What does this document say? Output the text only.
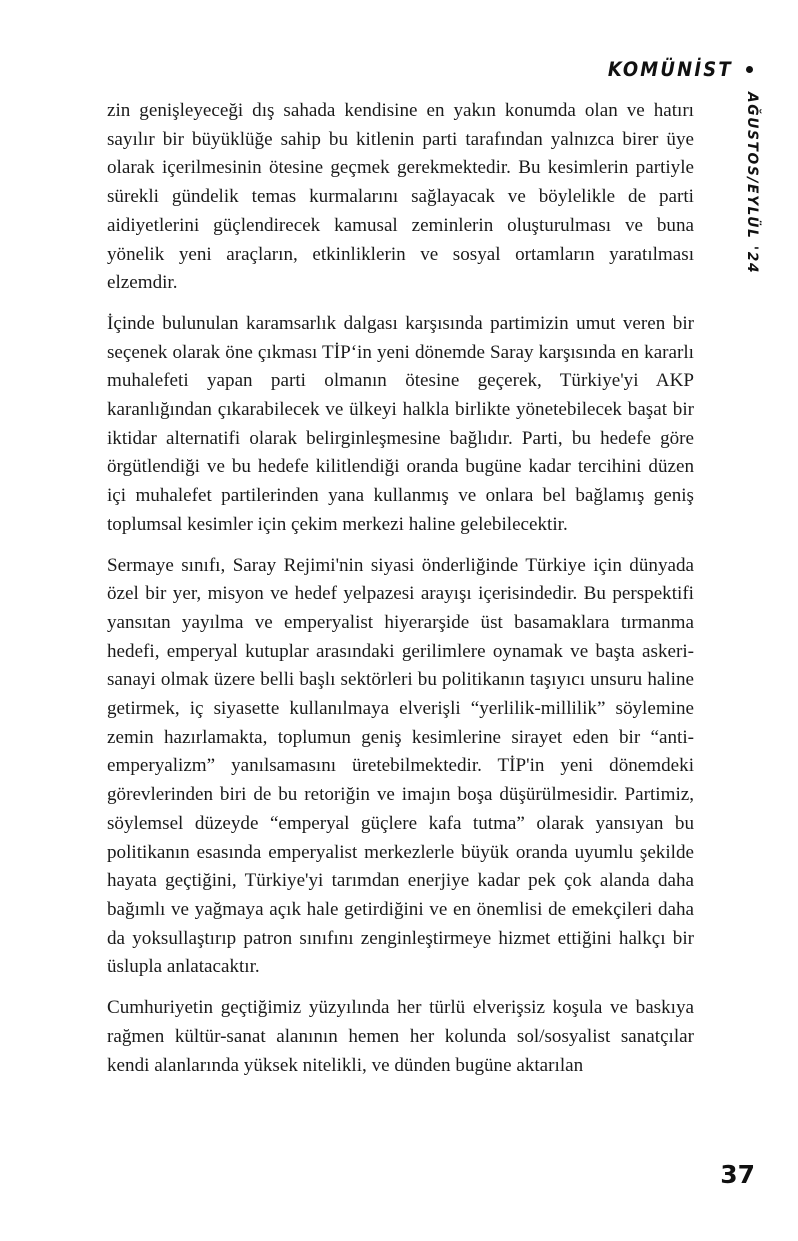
KOMÜNİST
AĞUSTOS/EYLÜL '24

zin genişleyeceği dış sahada kendisine en yakın konumda olan ve hatırı sayılır bir büyüklüğe sahip bu kitlenin parti tarafından yalnızca birer üye olarak içerilmesinin ötesine geçmek gerekmektedir. Bu kesimlerin partiyle sürekli gündelik temas kurmalarını sağlayacak ve böylelikle de parti aidiyetlerini güçlendirecek kamusal zeminlerin oluşturulması ve buna yönelik yeni araçların, etkinliklerin ve sosyal ortamların yaratılması elzemdir.

İçinde bulunulan karamsarlık dalgası karşısında partimizin umut veren bir seçenek olarak öne çıkması TİP‘in yeni dönemde Saray karşısında en kararlı muhalefeti yapan parti olmanın ötesine geçerek, Türkiye'yi AKP karanlığından çıkarabilecek ve ülkeyi halkla birlikte yönetebilecek başat bir iktidar alternatifi olarak belirginleşmesine bağlıdır. Parti, bu hedefe göre örgütlendiği ve bu hedefe kilitlendiği oranda bugüne kadar tercihini düzen içi muhalefet partilerinden yana kullanmış ve onlara bel bağlamış geniş toplumsal kesimler için çekim merkezi haline gelebilecektir.

Sermaye sınıfı, Saray Rejimi'nin siyasi önderliğinde Türkiye için dünyada özel bir yer, misyon ve hedef yelpazesi arayışı içerisindedir. Bu perspektifi yansıtan yayılma ve emperyalist hiyerarşide üst basamaklara tırmanma hedefi, emperyal kutuplar arasındaki gerilimlere oynamak ve başta askeri-sanayi olmak üzere belli başlı sektörleri bu politikanın taşıyıcı unsuru haline getirmek, iç siyasette kullanılmaya elverişli “yerlilik-millilik” söylemine zemin hazırlamakta, toplumun geniş kesimlerine sirayet eden bir “anti-emperyalizm” yanılsamasını üretebilmektedir. TİP'in yeni dönemdeki görevlerinden biri de bu retoriğin ve imajın boşa düşürülmesidir. Partimiz, söylemsel düzeyde “emperyal güçlere kafa tutma” olarak yansıyan bu politikanın esasında emperyalist merkezlerle büyük oranda uyumlu şekilde hayata geçtiğini, Türkiye'yi tarımdan enerjiye kadar pek çok alanda daha bağımlı ve yağmaya açık hale getirdiğini ve en önemlisi de emekçileri daha da yoksullaştırıp patron sınıfını zenginleştirmeye hizmet ettiğini halkçı bir üslupla anlatacaktır.

Cumhuriyetin geçtiğimiz yüzyılında her türlü elverişsiz koşula ve baskıya rağmen kültür-sanat alanının hemen her kolunda sol/sosyalist sanatçılar kendi alanlarında yüksek nitelikli, ve dünden bugüne aktarılan

37
